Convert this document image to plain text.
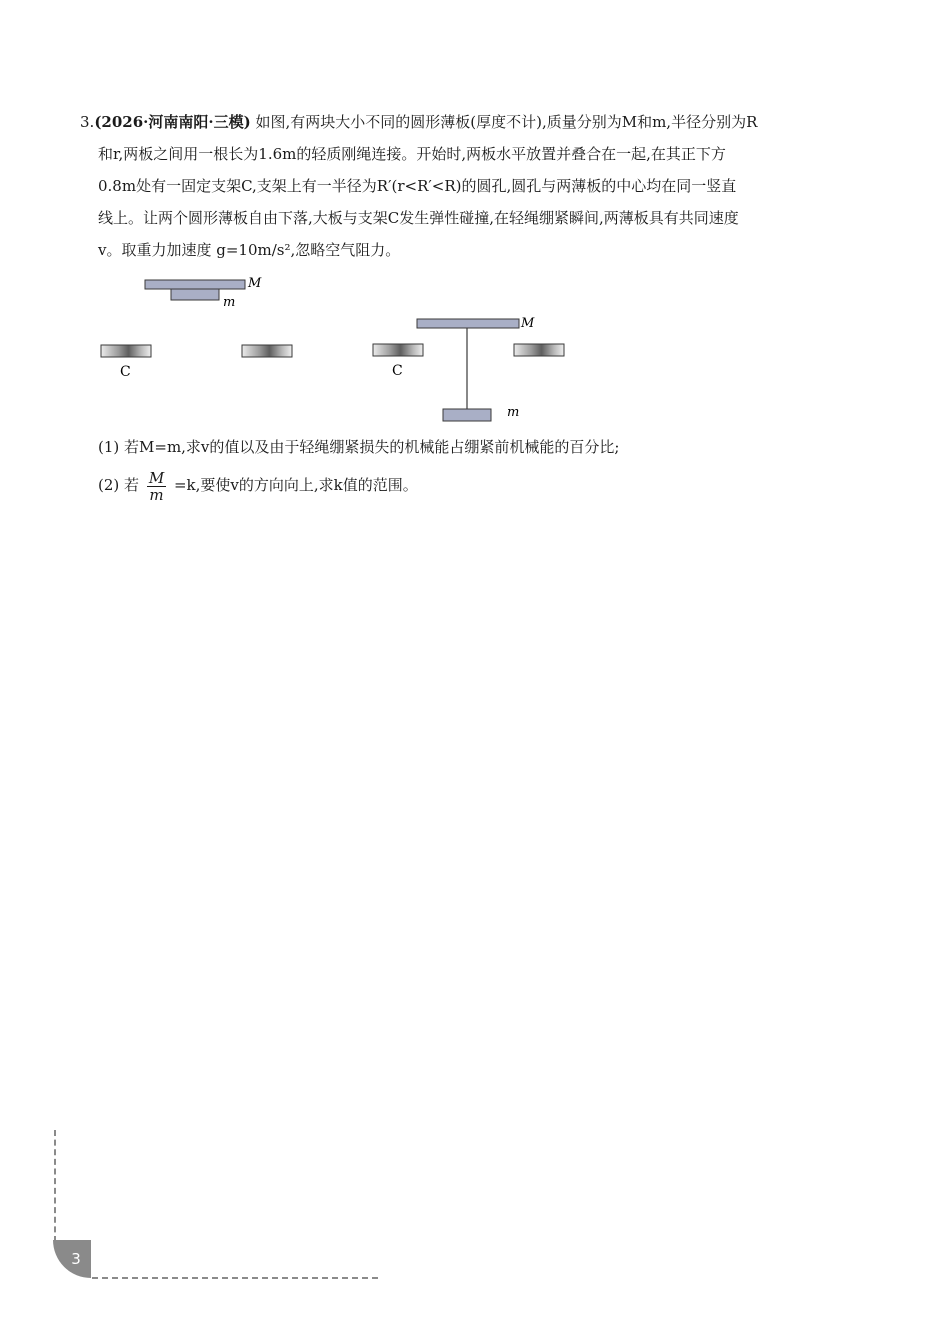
3.(2026·河南南阳·三模) 如图,有两块大小不同的圆形薄板(厚度不计),质量分别为M和m,半径分别为R
和r,两板之间用一根长为1.6m的轻质刚绳连接。开始时,两板水平放置并叠合在一起,在其正下方
0.8m处有一固定支架C,支架上有一半径为R′(r<R′<R)的圆孔,圆孔与两薄板的中心均在同一竖直
线上。让两个圆形薄板自由下落,大板与支架C发生弹性碰撞,在轻绳绷紧瞬间,两薄板具有共同速度
v。取重力加速度 g=10m/s²,忽略空气阻力。
M
m
C
M
C
m
(1) 若M=m,求v的值以及由于轻绳绷紧损失的机械能占绷紧前机械能的百分比;
(2) 若 $\frac{M}{m} =k$,要使v的方向向上,求k值的范围。
3
